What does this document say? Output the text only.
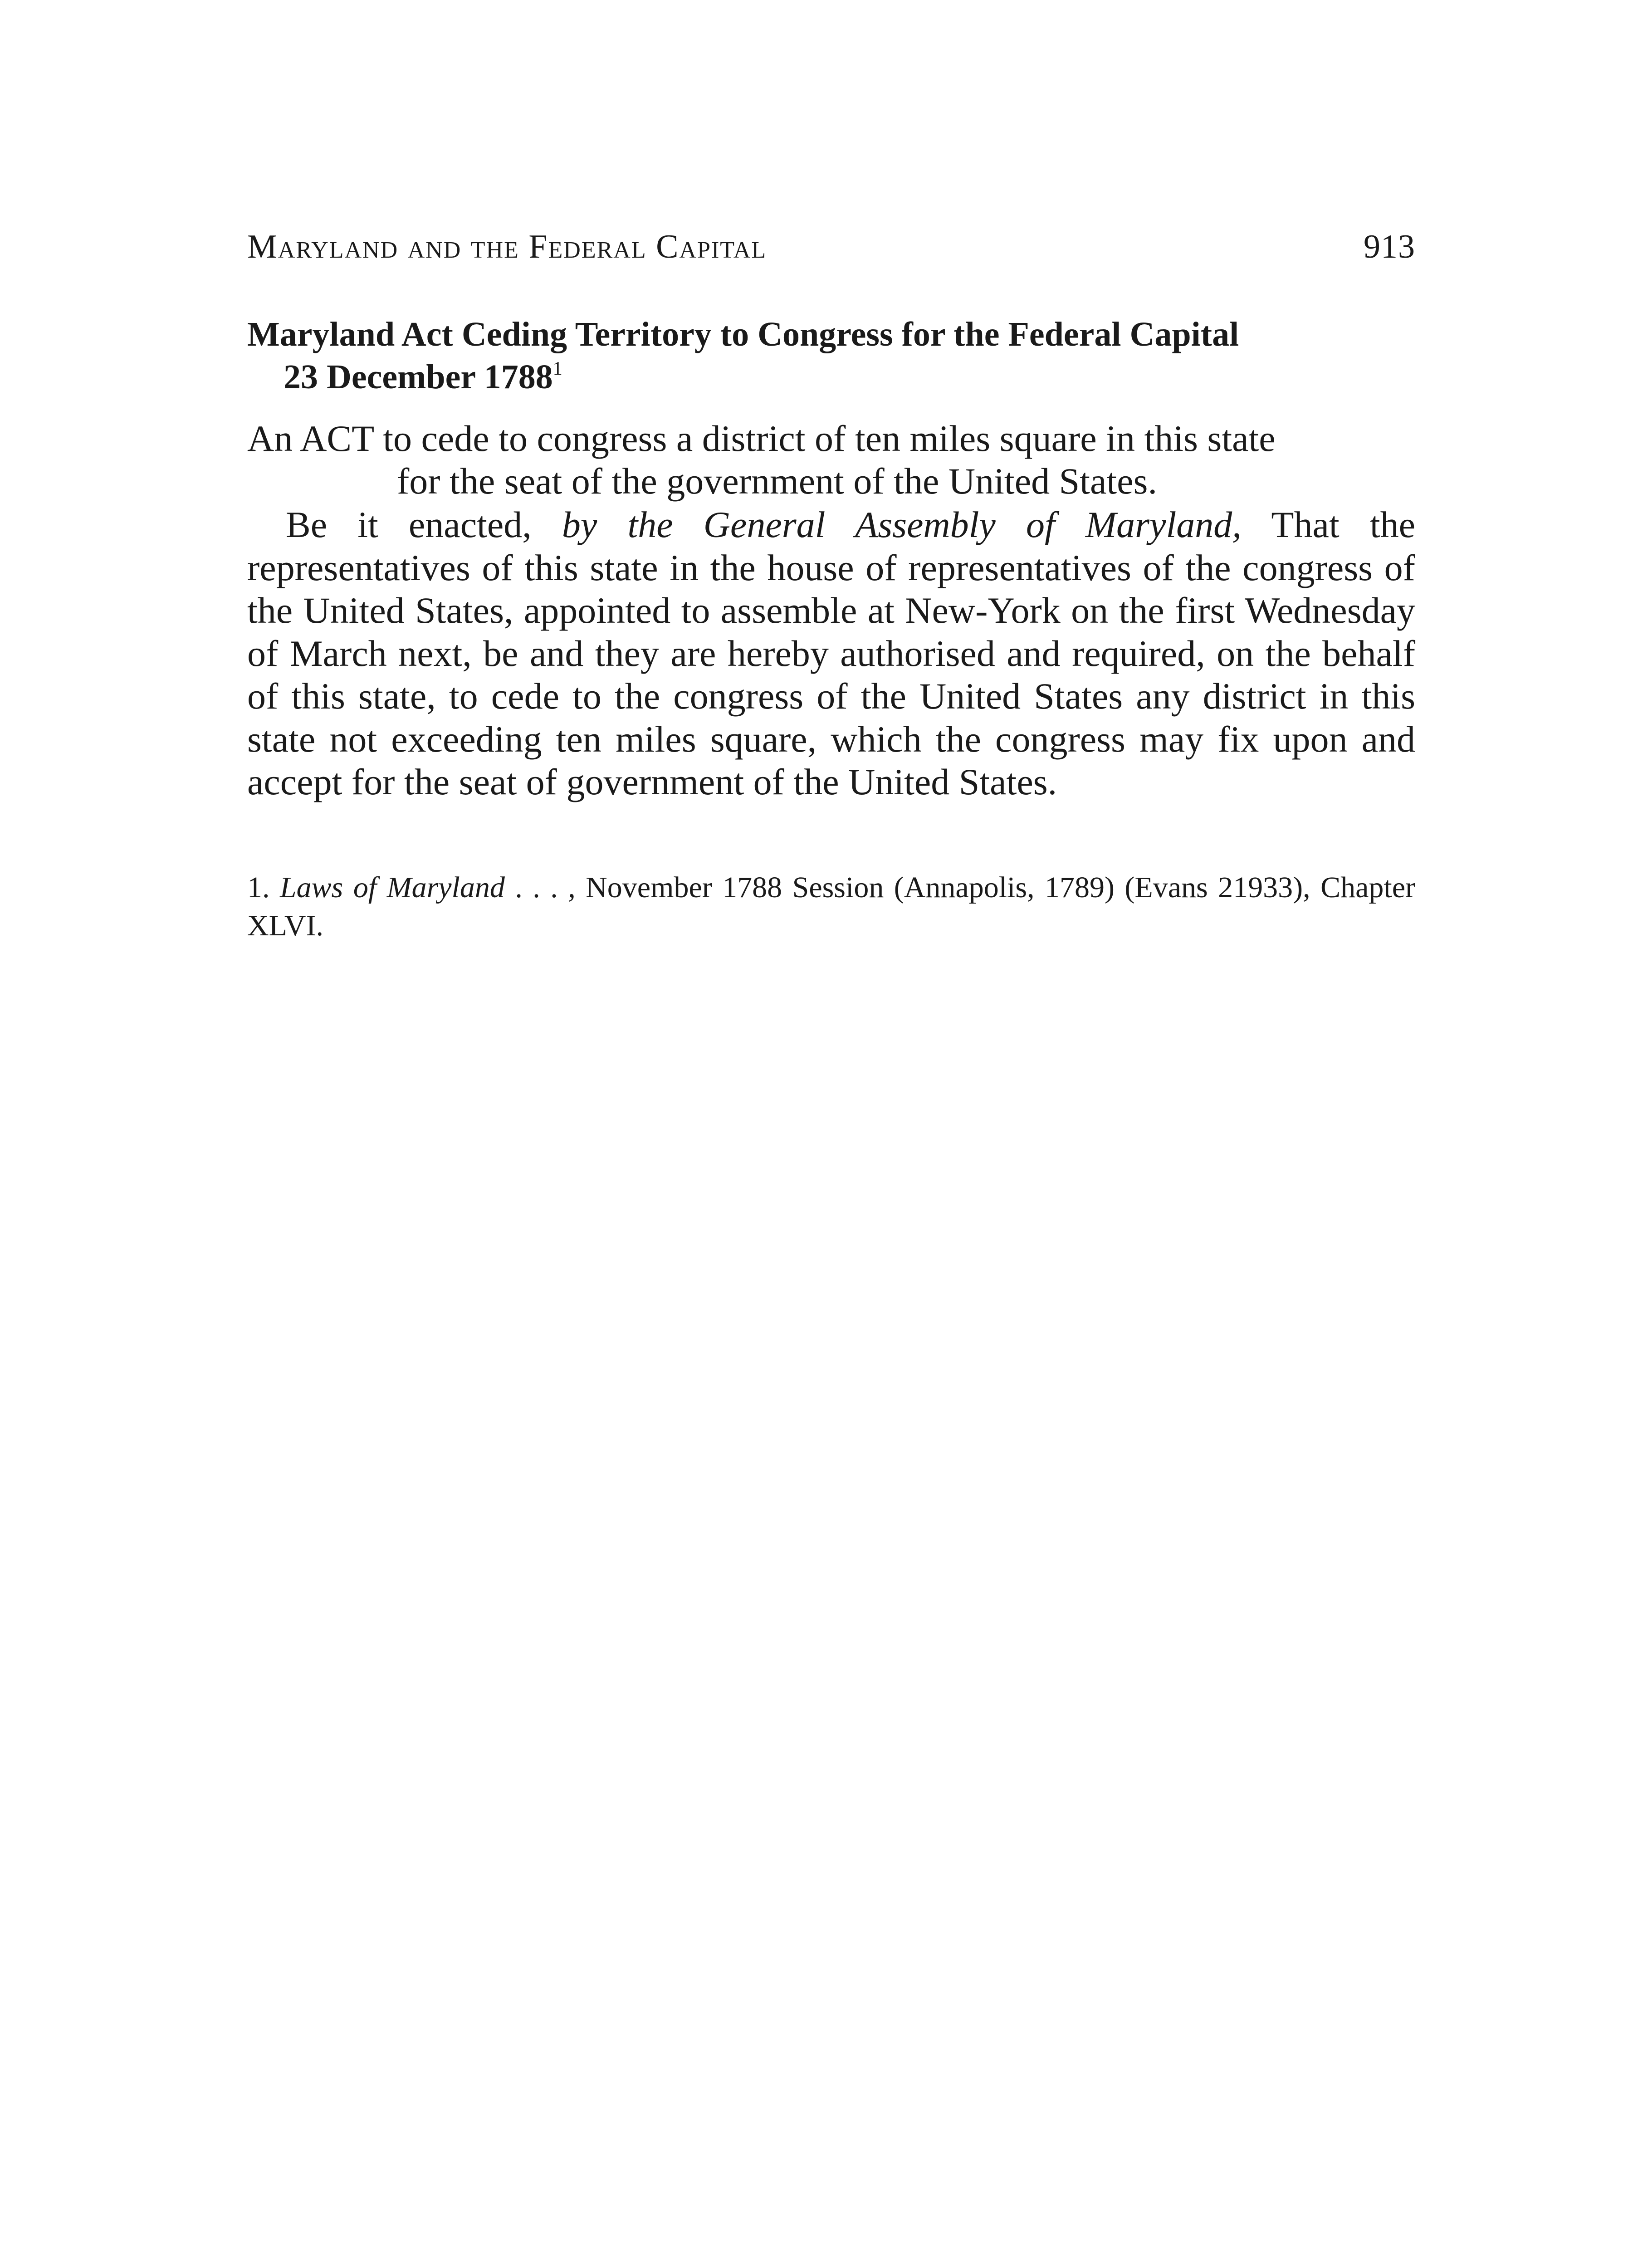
Maryland and the Federal Capital	913
Maryland Act Ceding Territory to Congress for the Federal Capital
23 December 1788$^1$
An ACT to cede to congress a district of ten miles square in this state
for the seat of the government of the United States.

Be it enacted, by the General Assembly of Maryland, That the representatives of this state in the house of representatives of the congress of the United States, appointed to assemble at New-York on the first Wednesday of March next, be and they are hereby authorised and required, on the behalf of this state, to cede to the congress of the United States any district in this state not exceeding ten miles square, which the congress may fix upon and accept for the seat of government of the United States.

1. Laws of Maryland . . . , November 1788 Session (Annapolis, 1789) (Evans 21933), Chapter XLVI.
